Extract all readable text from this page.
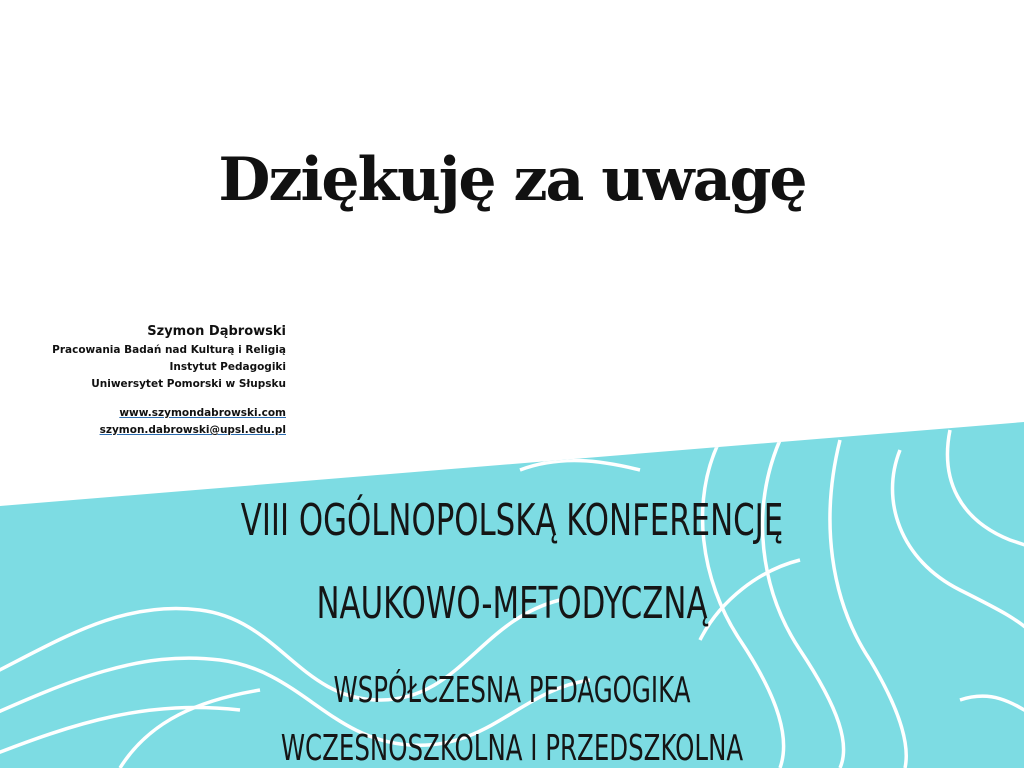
Dziękuję za uwagę
Szymon Dąbrowski
Pracowania Badań nad Kulturą i Religią
Instytut Pedagogiki
Uniwersytet Pomorski w Słupsku
www.szymondabrowski.com
szymon.dabrowski@upsl.edu.pl
VIII OGÓLNOPOLSKĄ KONFERENCJĘ
NAUKOWO-METODYCZNĄ
WSPÓŁCZESNA PEDAGOGIKA
WCZESNOSZKOLNA I PRZEDSZKOLNA
